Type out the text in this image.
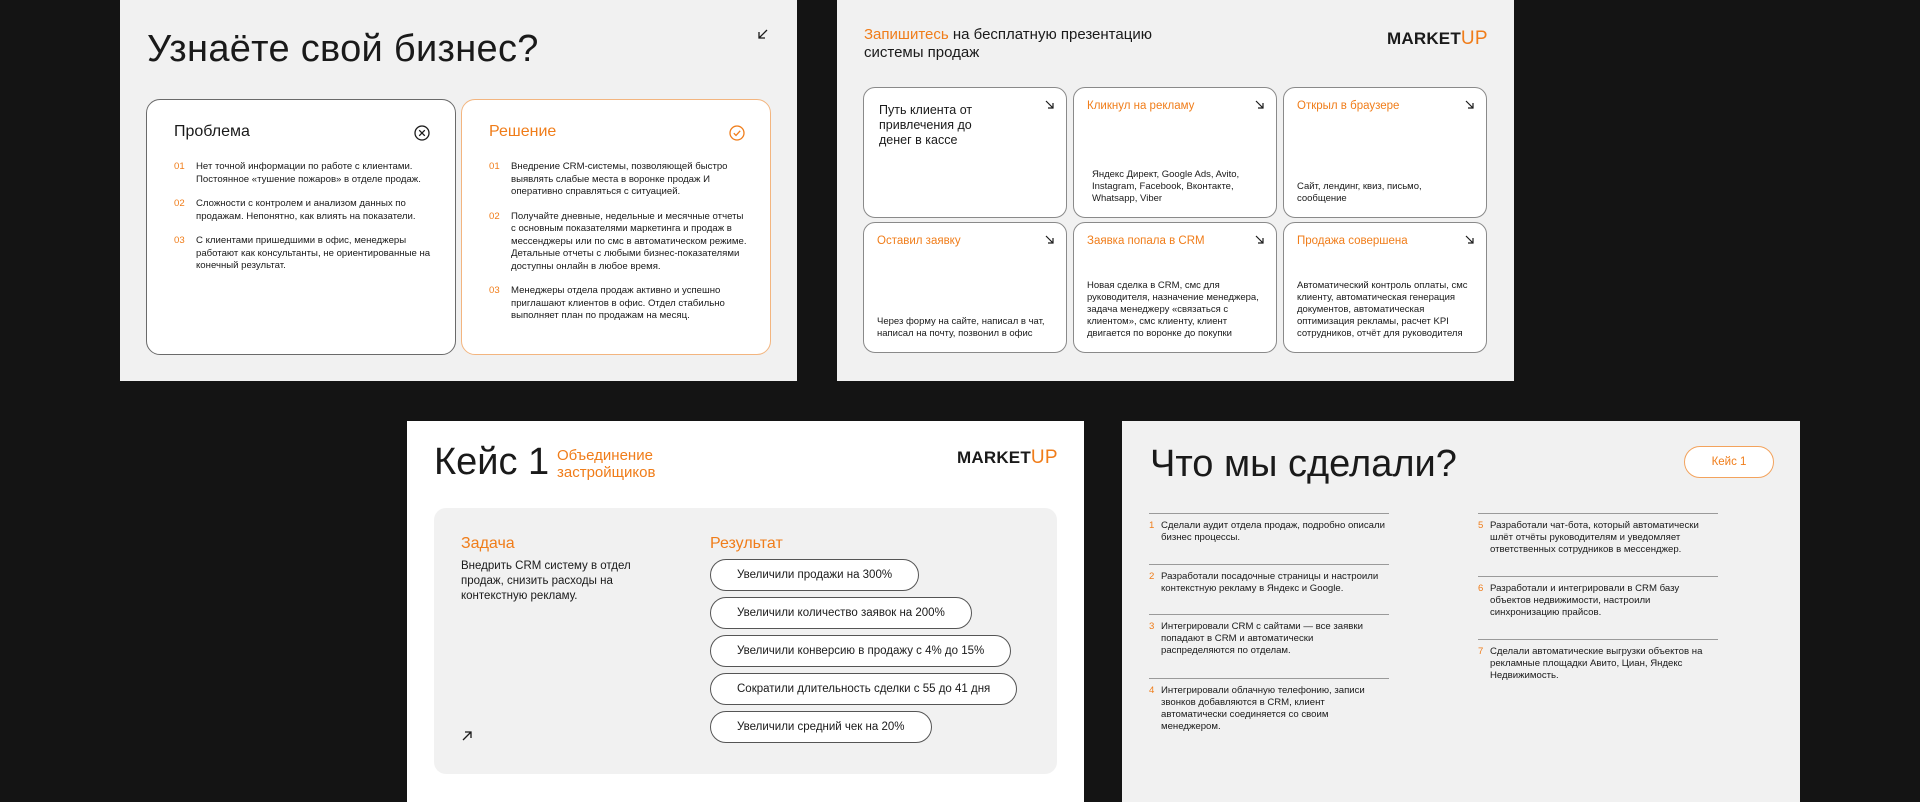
Узнаёте свой бизнес?
Проблема
01	Нет точной информации по работе с клиентами. Постоянное «тушение пожаров» в отделе продаж.
02	Сложности с контролем и анализом данных по продажам. Непонятно, как влиять на показатели.
03	С клиентами пришедшими в офис, менеджеры работают как консультанты, не ориентированные на конечный результат.
Решение
01	Внедрение CRM-системы, позволяющей быстро выявлять слабые места в воронке продаж И оперативно справляться с ситуацией.
02	Получайте дневные, недельные и месячные отчеты с основным показателями маркетинга и продаж в мессенджеры или по смс в автоматическом режиме. Детальные отчеты с любыми бизнес-показателями доступны онлайн в любое время.
03	Менеджеры отдела продаж активно и успешно приглашают клиентов в офис. Отдел стабильно выполняет план по продажам на месяц.
Запишитесь на бесплатную презентацию системы продаж
MARKETUP
Путь клиента от привлечения до денег в кассе
Кликнул на рекламу
Яндекс Директ, Google Ads, Avito, Instagram, Facebook, Вконтакте, Whatsapp, Viber
Открыл в браузере
Сайт, лендинг, квиз, письмо, сообщение
Оставил заявку
Через форму на сайте, написал в чат, написал на почту, позвонил в офис
Заявка попала в CRM
Новая сделка в CRM, смс для руководителя, назначение менеджера, задача менеджеру «связаться с клиентом», смс клиенту, клиент двигается по воронке до покупки
Продажа совершена
Автоматический контроль оплаты, смс клиенту, автоматическая генерация документов, автоматическая оптимизация рекламы, расчет KPI сотрудников, отчёт для руководителя
Кейс 1 Объединение застройщиков
MARKETUP
Задача
Внедрить CRM систему в отдел продаж, снизить расходы на контекстную рекламу.
Результат
Увеличили продажи на 300%
Увеличили количество заявок на 200%
Увеличили конверсию в продажу с 4% до 15%
Сократили длительность сделки с 55 до 41 дня
Увеличили средний чек на 20%
Что мы сделали?	Кейс 1
1 Сделали аудит отдела продаж, подробно описали бизнес процессы.
2 Разработали посадочные страницы и настроили контекстную рекламу в Яндекс и Google.
3 Интегрировали CRM с сайтами — все заявки попадают в CRM и автоматически распределяются по отделам.
4 Интегрировали облачную телефонию, записи звонков добавляются в CRM, клиент автоматически соединяется со своим менеджером.
5 Разработали чат-бота, который автоматически шлёт отчёты руководителям и уведомляет ответственных сотрудников в мессенджер.
6 Разработали и интегрировали в CRM базу объектов недвижимости, настроили синхронизацию прайсов.
7 Сделали автоматические выгрузки объектов на рекламные площадки Авито, Циан, Яндекс Недвижимость.
